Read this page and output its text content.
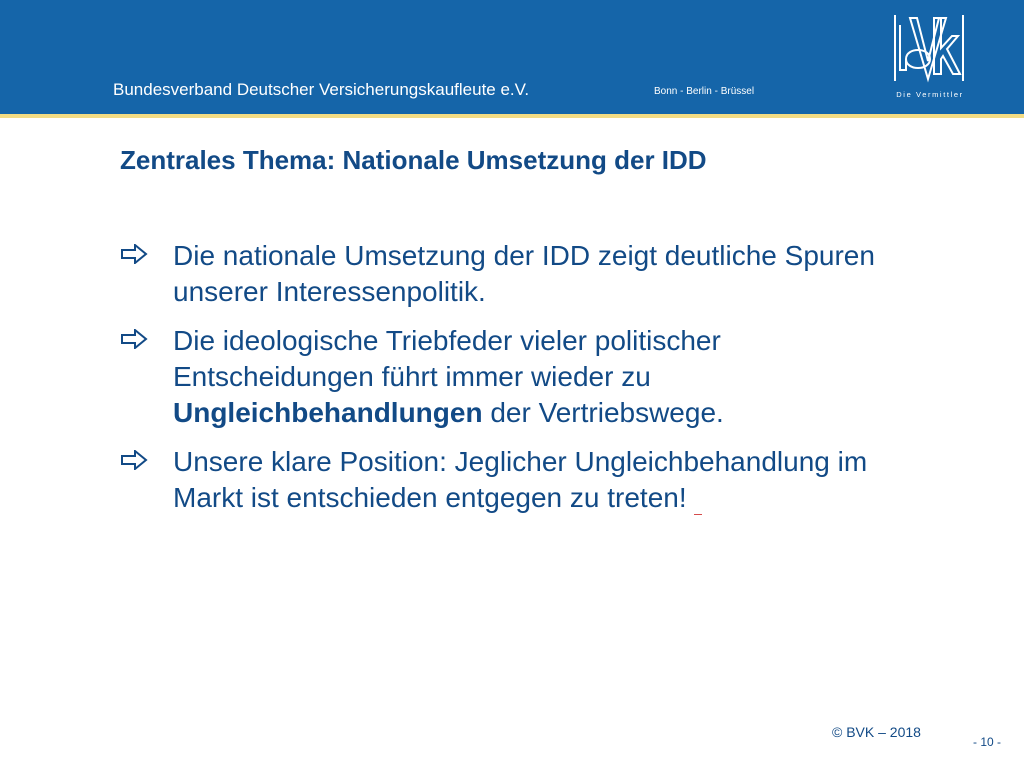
Bundesverband Deutscher Versicherungskaufleute e.V.	Bonn - Berlin - Brüssel	Die Vermittler
Zentrales Thema: Nationale Umsetzung der IDD

Die nationale Umsetzung der IDD zeigt deutliche Spuren unserer Interessenpolitik.

Die ideologische Triebfeder vieler politischer Entscheidungen führt immer wieder zu Ungleichbehandlungen der Vertriebswege.

Unsere klare Position: Jeglicher Ungleichbehandlung im Markt ist entschieden entgegen zu treten!

© BVK – 2018
- 10 -
